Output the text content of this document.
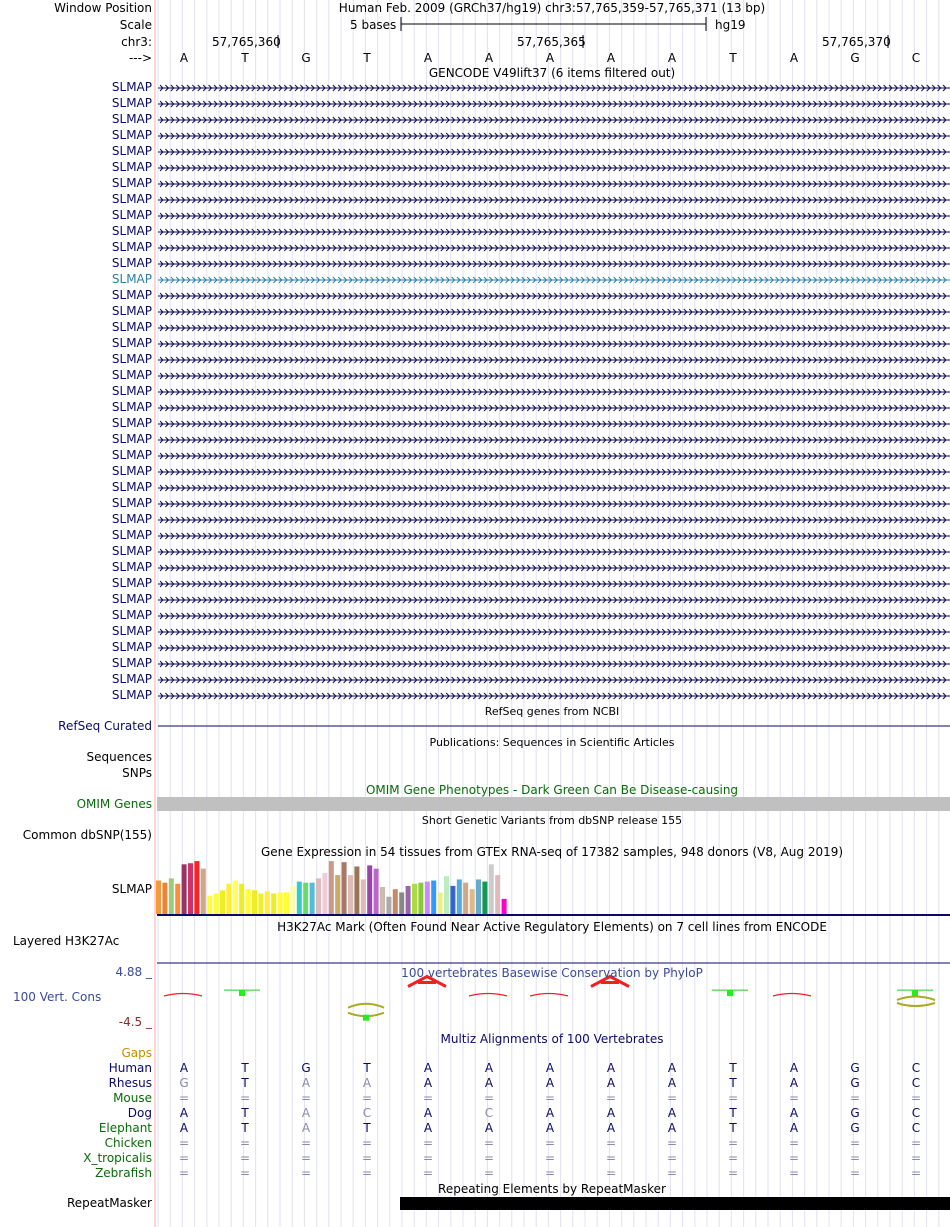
Window Position	Human Feb. 2009 (GRCh37/hg19) chr3:57,765,359-57,765,371 (13 bp)
Scale	5 bases	hg19
chr3:	57,765,360	57,765,365	57,765,370
---> A	T	G	T	A	A	A	A	A	T	A	G	C
GENCODE V49lift37 (6 items filtered out)
SLMAP
SLMAP
SLMAP
SLMAP
SLMAP
SLMAP
SLMAP
SLMAP
SLMAP
SLMAP
SLMAP
SLMAP
SLMAP
SLMAP
SLMAP
SLMAP
SLMAP
SLMAP
SLMAP
SLMAP
SLMAP
SLMAP
SLMAP
SLMAP
SLMAP
SLMAP
SLMAP
SLMAP
SLMAP
SLMAP
SLMAP
SLMAP
SLMAP
SLMAP
SLMAP
SLMAP
SLMAP
SLMAP
SLMAP
RefSeq genes from NCBI
RefSeq Curated
Publications: Sequences in Scientific Articles
Sequences
SNPs
OMIM Gene Phenotypes - Dark Green Can Be Disease-causing
OMIM Genes
Short Genetic Variants from dbSNP release 155
Common dbSNP(155)
Gene Expression in 54 tissues from GTEx RNA-seq of 17382 samples, 948 donors (V8, Aug 2019)
SLMAP
H3K27Ac Mark (Often Found Near Active Regulatory Elements) on 7 cell lines from ENCODE
Layered H3K27Ac
100 vertebrates Basewise Conservation by PhyloP
4.88 _
100 Vert. Cons
-4.5 _
Multiz Alignments of 100 Vertebrates
Gaps
Human A	T	G	T	A	A	A	A	A	T	A	G	C
Rhesus G	T	A	A	A	A	A	A	A	T	A	G	C
Mouse =	=	=	=	=	=	=	=	=	=	=	=	=
Dog A	T	A	C	A	C	A	A	A	T	A	G	C
Elephant A	T	A	T	A	A	A	A	A	T	A	G	C
Chicken =	=	=	=	=	=	=	=	=	=	=	=	=
X_tropicalis =	=	=	=	=	=	=	=	=	=	=	=	=
Zebrafish =	=	=	=	=	=	=	=	=	=	=	=	=
Repeating Elements by RepeatMasker
RepeatMasker
